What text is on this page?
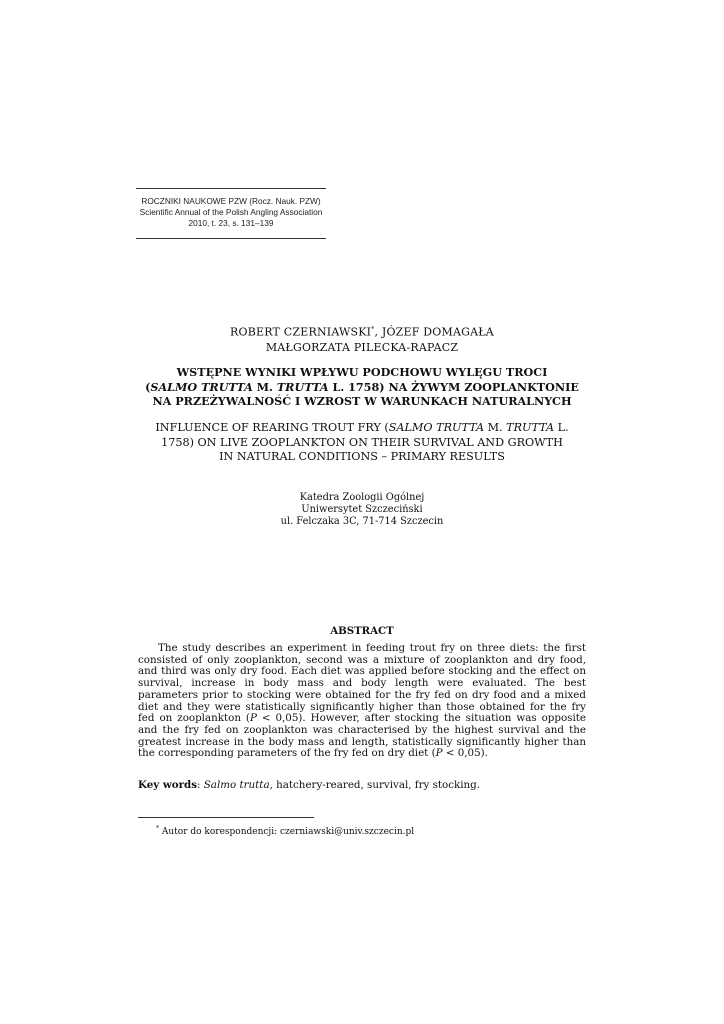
ROCZNIKI NAUKOWE PZW (Rocz. Nauk. PZW)
Scientific Annual of the Polish Angling Association
2010, t. 23, s. 131–139
ROBERT CZERNIAWSKI*, JÓZEF DOMAGAŁA
MAŁGORZATA PILECKA-RAPACZ
WSTĘPNE WYNIKI WPŁYWU PODCHOWU WYLĘGU TROCI
(SALMO TRUTTA M. TRUTTA L. 1758) NA ŻYWYM ZOOPLANKTONIE
NA PRZEŻYWALNOŚĆ I WZROST W WARUNKACH NATURALNYCH
INFLUENCE OF REARING TROUT FRY (SALMO TRUTTA M. TRUTTA L.
1758) ON LIVE ZOOPLANKTON ON THEIR SURVIVAL AND GROWTH
IN NATURAL CONDITIONS – PRIMARY RESULTS
Katedra Zoologii Ogólnej
Uniwersytet Szczeciński
ul. Felczaka 3C, 71-714 Szczecin
ABSTRACT

The study describes an experiment in feeding trout fry on three diets: the first consisted of only zooplankton, second was a mixture of zooplankton and dry food, and third was only dry food. Each diet was applied before stocking and the effect on survival, increase in body mass and body length were evaluated. The best parameters prior to stocking were obtained for the fry fed on dry food and a mixed diet and they were statistically significantly higher than those obtained for the fry fed on zooplankton (P < 0,05). However, after stocking the situation was opposite and the fry fed on zooplankton was characterised by the highest survival and the greatest increase in the body mass and length, statistically significantly higher than the corresponding parameters of the fry fed on dry diet (P < 0,05).

Key words: Salmo trutta, hatchery-reared, survival, fry stocking.
* Autor do korespondencji: czerniawski@univ.szczecin.pl
